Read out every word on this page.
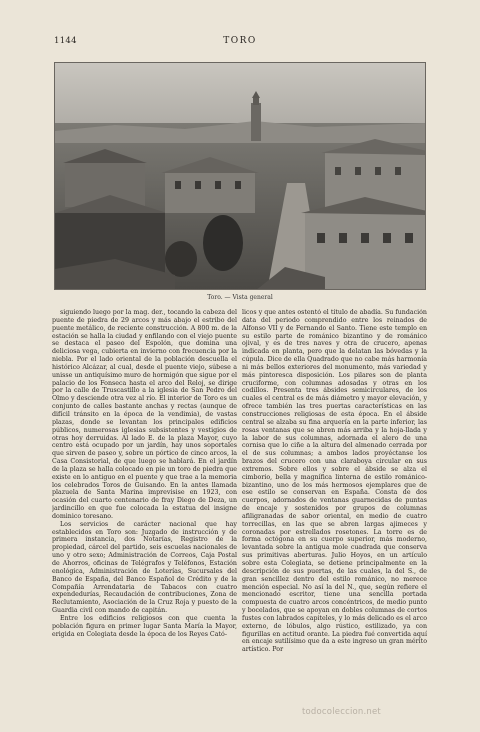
1144	TORO
Toro. — Vista general

siguiendo luego por la mag. der., tocando la cabeza del puente de piedra de 29 arcos y más abajo el estribo del puente metálico, de reciente construcción. A 800 m. de la estación se halla la ciudad y enfilando con el viejo puente se destaca el paseo del Espolón, que domina una deliciosa vega, cubierta en invierno con frecuencia por la niebla. Por el lado oriental de la población descuella el histórico Alcázar, al cual, desde el puente viejo, súbese a unisse un antiquísimo muro de hormigón que sigue por el palacio de los Fonseca hasta el arco del Reloj, se dirige por la calle de Truscastillo a la iglesia de San Pedro del Olmo y desciende otra vez al río. El interior de Toro es un conjunto de calles bastante anchas y rectas (aunque de difícil tránsito en la época de la vendimia), de vastas plazas, donde se levantan los principales edificios públicos, numerosas iglesias subsistentes y vestigios de otras hoy derruidas. Al lado E. de la plaza Mayor, cuyo centro está ocupado por un jardín, hay unos soportales que sirven de paseo y, sobre un pórtico de cinco arcos, la Casa Consistorial, de que luego se hablará. En el jardín de la plaza se halla colocado en pie un toro de piedra que existe en lo antiguo en el puente y que trae a la memoria los celebrados Toros de Guisando. En la antes llamada plazuela de Santa Marina imprevisise en 1923, con ocasión del cuarto centenario de fray Diego de Deza, un jardincillo en que fue colocada la estatua del insigne dominico toresano.

Los servicios de carácter nacional que hay establecidos en Toro son: Juzgado de instrucción y de primera instancia, dos Notarías, Registro de la propiedad, cárcel del partido, seis escuelas nacionales de uno y otro sexo; Administración de Correos, Caja Postal de Ahorros, oficinas de Telégrafos y Teléfonos, Estación enológica, Administración de Loterías, Sucursales del Banco de España, del Banco Español de Crédito y de la Compañía Arrendataria de Tabacos con cuatro expendedurías, Recaudación de contribuciones, Zona de Reclutamiento, Asociación de la Cruz Roja y puesto de la Guardia civil con mando de capitán.

Entre los edificios religiosos con que cuenta la población figura en primer lugar Santa María la Mayor, erigida en Colegiata desde la época de los Reyes Cató-

licos y que antes ostentó el título de abadía. Su fundación data del periodo comprendido entre los reinados de Alfonso VII y de Fernando el Santo. Tiene este templo en su estilo parte de románico bizantino y de románico ojival, y es de tres naves y otra de crucero, apenas indicada en planta, pero que la delatan las bóvedas y la cúpula. Dice de ella Quadrado que no cabe más harmonía ni más bellos exteriores del monumento, más variedad y más pintoresca disposición. Los pilares son de planta cruciforme, con columnas adosadas y otras en los codillos. Presenta tres ábsides semicirculares, de los cuales el central es de más diámetro y mayor elevación, y ofrece también las tres puertas características en las construcciones religiosas de esta época. En el ábside central se alzaba su fina arquería en la parte inferior, las rosas ventanas que se abren más arriba y la hoja-llada y la labor de sus columnas, adornada el alero de una cornisa que lo ciñe a la altura del almenado cerrada por el de sus columnas; a ambos lados proyéctanse los brazos del crucero con una claraboya circular en sus extremos. Sobre ellos y sobre el ábside se alza el cimborio, bella y magnífica linterna de estilo románico-bizantino, uno de los más hermosos ejemplares que de ese estilo se conservan en España. Consta de dos cuerpos, adornados de ventanas guarnecidas de puntas de encaje y sostenidos por grupos de columnas afiligranadas de sabor oriental, en medio de cuatro torrecillas, en las que se abren largas ajimeces y coronadas por estrellados rosetones. La torre es de forma octógona en su cuerpo superior, más moderno, levantada sobre la antigua mole cuadrada que conserva sus primitivas aberturas. Julio Hoyos, en un artículo sobre esta Colegiata, se detiene principalmente en la descripción de sus puertas, de las cuales, la del S., de gran sencillez dentro del estilo románico, no merece mención especial. No así la del N., que, según refiere el mencionado escritor, tiene una sencilla portada compuesta de cuatro arcos concéntricos, de medio punto y bocelados, que se apoyan en dobles columnas de cortos fustes con labrados capiteles, y lo más delicado es el arco externo, de lóbulos, algo rústico, estilizado, ya con figurillas en actitud orante. La piedra fué convertida aquí en encaje sutilísimo que da a este ingreso un gran mérito artístico. Por

todocoleccion.net
